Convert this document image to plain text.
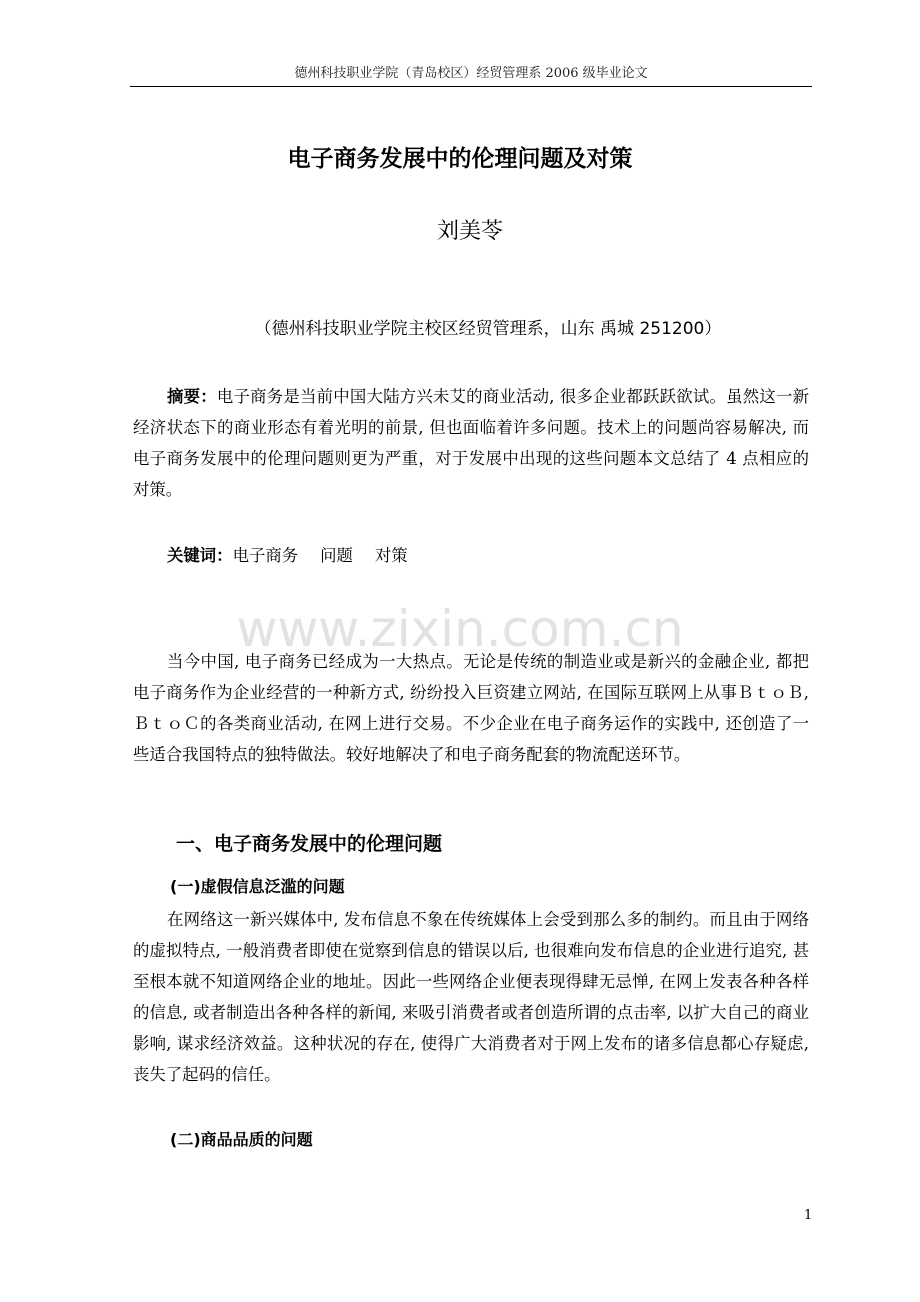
德州科技职业学院（青岛校区）经贸管理系 2006 级毕业论文
电子商务发展中的伦理问题及对策
刘美苓
（德州科技职业学院主校区经贸管理系，山东 禹城 251200）

摘要：电子商务是当前中国大陆方兴未艾的商业活动, 很多企业都跃跃欲试。虽然这一新经济状态下的商业形态有着光明的前景, 但也面临着许多问题。技术上的问题尚容易解决, 而电子商务发展中的伦理问题则更为严重，对于发展中出现的这些问题本文总结了 4 点相应的对策。

关键词：电子商务 问题 对策
www.zixin.com.cn

当今中国, 电子商务已经成为一大热点。无论是传统的制造业或是新兴的金融企业, 都把电子商务作为企业经营的一种新方式, 纷纷投入巨资建立网站, 在国际互联网上从事ＢｔｏＢ, ＢｔｏＣ的各类商业活动, 在网上进行交易。不少企业在电子商务运作的实践中, 还创造了一些适合我国特点的独特做法。较好地解决了和电子商务配套的物流配送环节。

一、电子商务发展中的伦理问题
(一)虚假信息泛滥的问题

在网络这一新兴媒体中, 发布信息不象在传统媒体上会受到那么多的制约。而且由于网络的虚拟特点, 一般消费者即使在觉察到信息的错误以后, 也很难向发布信息的企业进行追究, 甚至根本就不知道网络企业的地址。因此一些网络企业便表现得肆无忌惮, 在网上发表各种各样的信息, 或者制造出各种各样的新闻, 来吸引消费者或者创造所谓的点击率, 以扩大自己的商业影响, 谋求经济效益。这种状况的存在, 使得广大消费者对于网上发布的诸多信息都心存疑虑, 丧失了起码的信任。

(二)商品品质的问题
1
